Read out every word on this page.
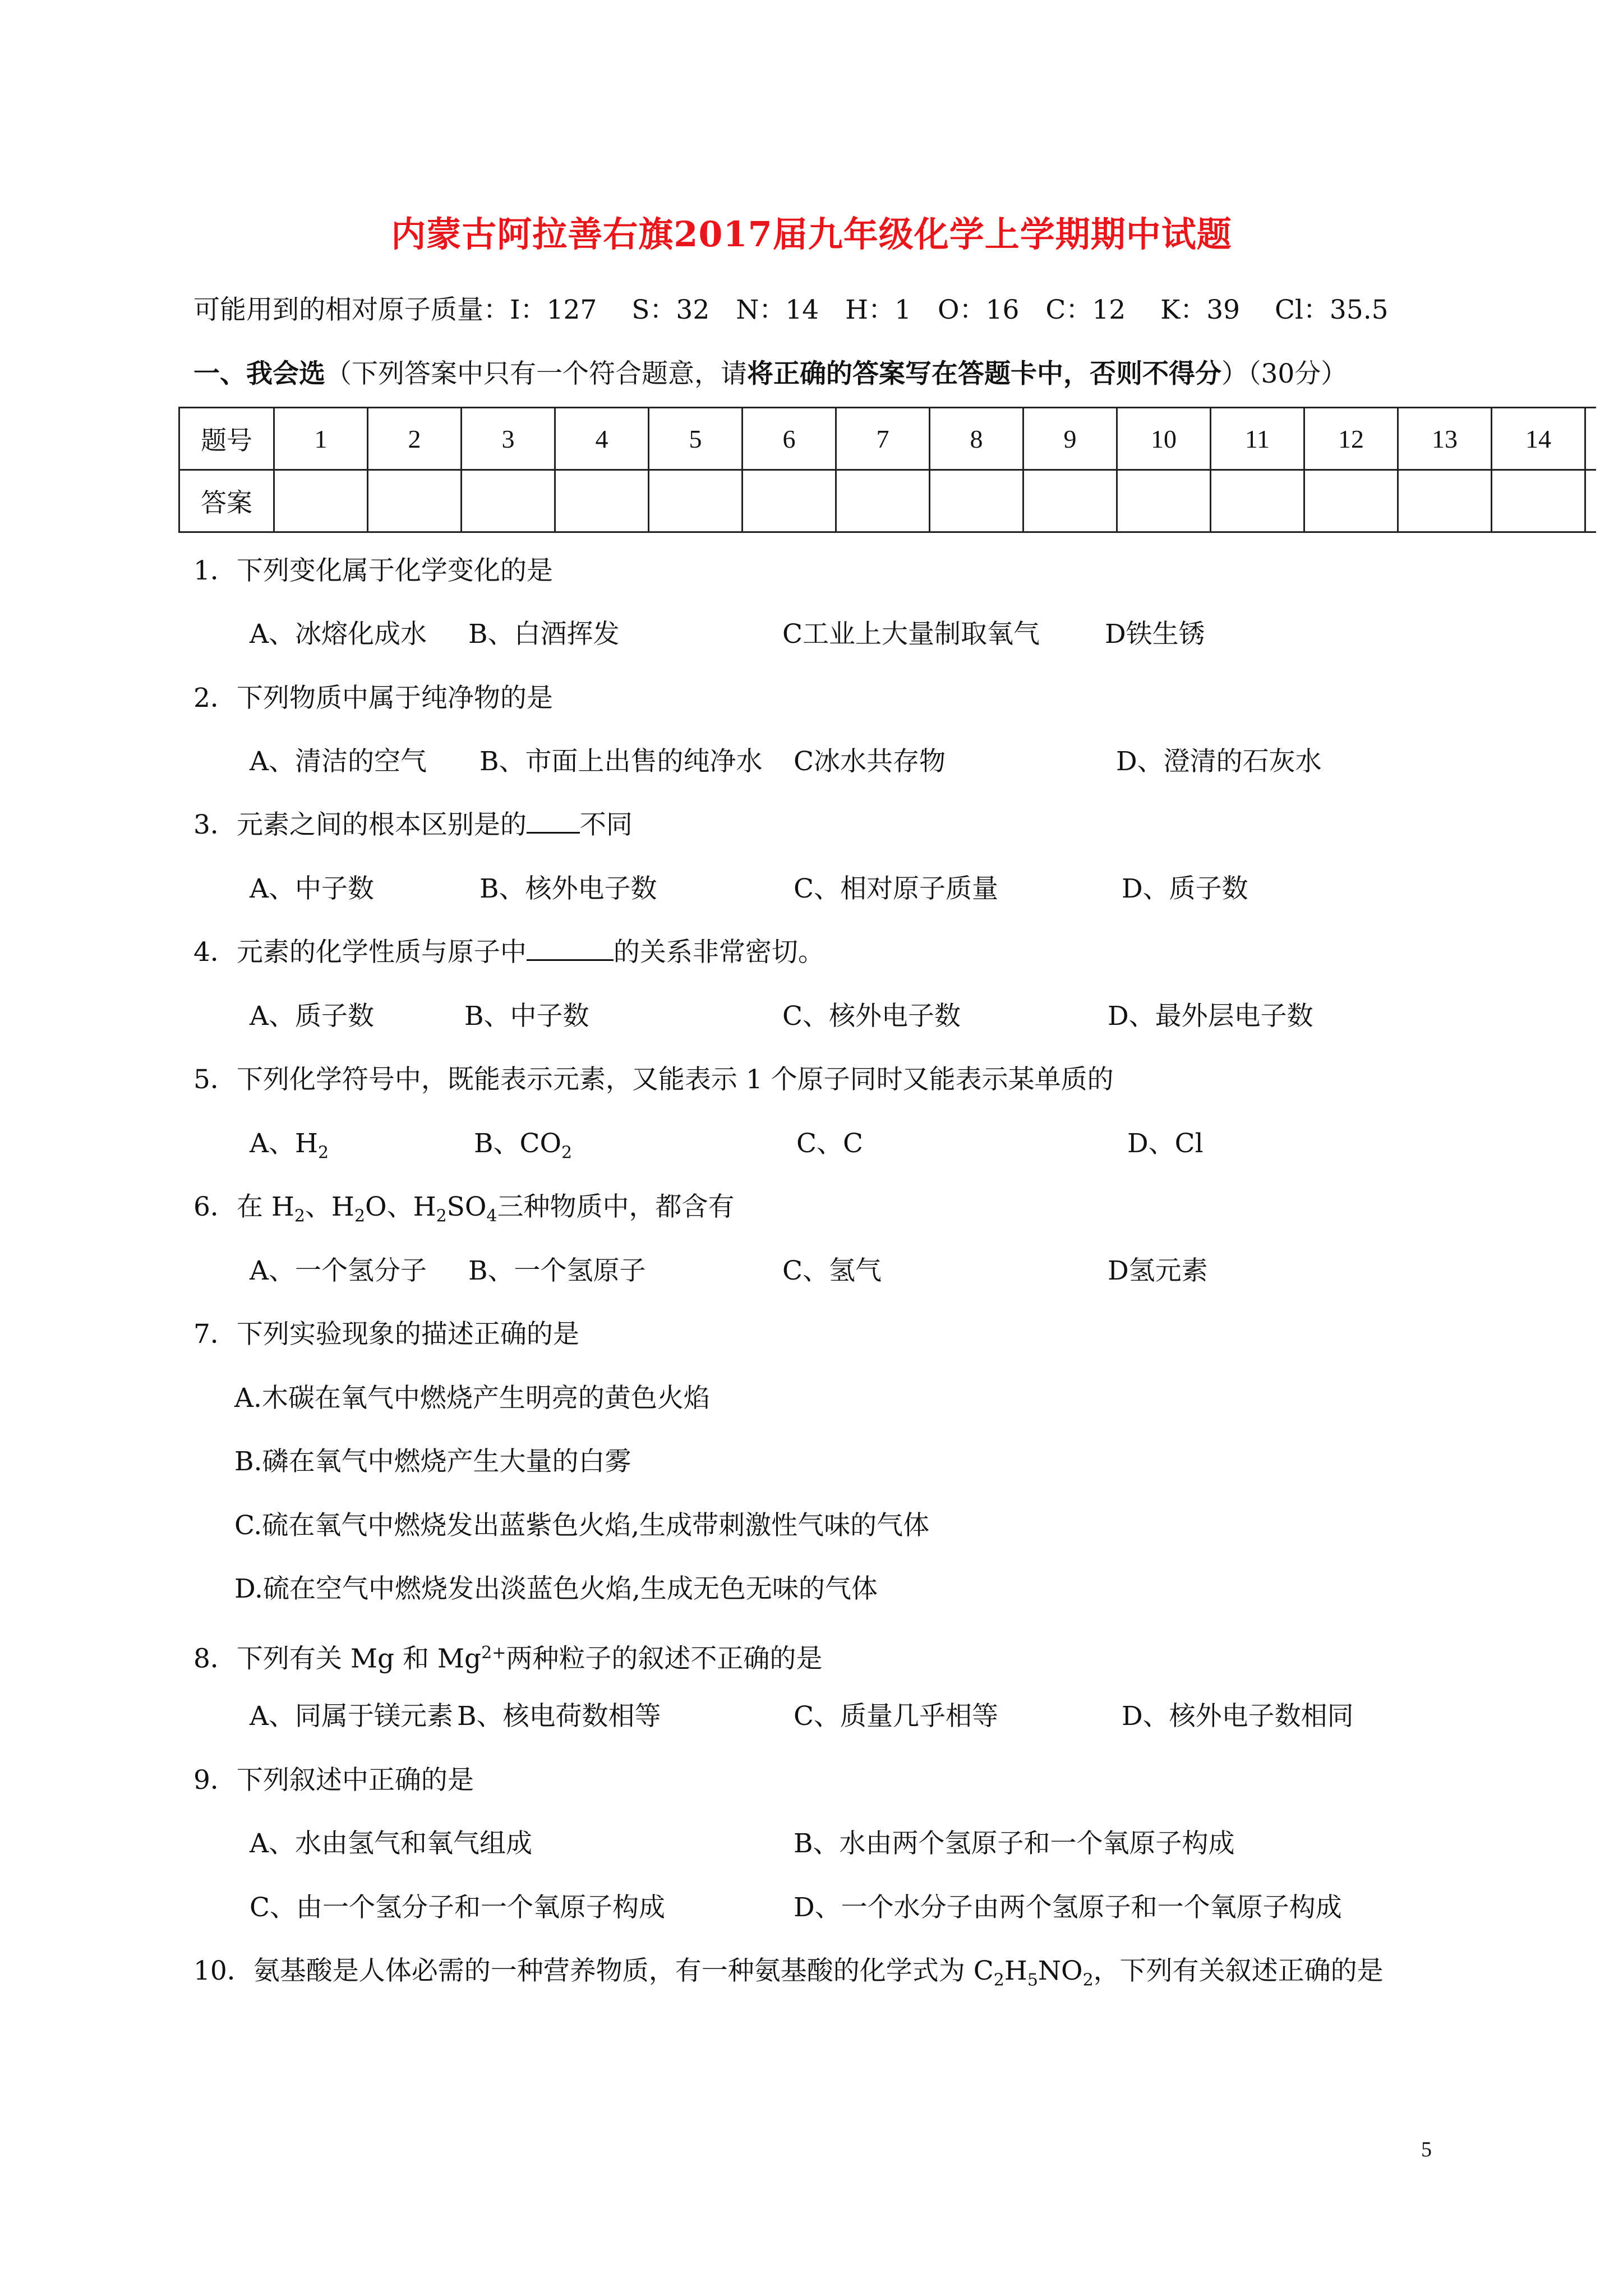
内蒙古阿拉善右旗2017届九年级化学上学期期中试题
可能用到的相对原子质量：I：127　 S：32　N：14　H：1　O：16　C：12　 K：39　 Cl：35.5
一、我会选（下列答案中只有一个符合题意，请将正确的答案写在答题卡中，否则不得分）（30分）
题号	1	2	3	4	5	6	7	8	9	10	11	12	13	14	
答案															
1．下列变化属于化学变化的是
A、冰熔化成水 B、白酒挥发	C工业上大量制取氧气 D铁生锈
2．下列物质中属于纯净物的是
A、清洁的空气 B、市面上出售的纯净水 C冰水共存物	D、澄清的石灰水
3．元素之间的根本区别是的 不同
A、中子数	B、核外电子数	C、相对原子质量	D、质子数
4．元素的化学性质与原子中	的关系非常密切。
A、质子数	B、中子数	C、核外电子数	D、最外层电子数
5．下列化学符号中，既能表示元素，又能表示 1 个原子同时又能表示某单质的
A、$H_2$	B、$CO_2$	C、C	D、Cl
6．在 $H_2$、$H_2O$、$H_2SO_4$三种物质中，都含有
A、一个氢分子 B、一个氢原子	C、氢气	D氢元素
7．下列实验现象的描述正确的是
A.木碳在氧气中燃烧产生明亮的黄色火焰
B.磷在氧气中燃烧产生大量的白雾
C.硫在氧气中燃烧发出蓝紫色火焰,生成带刺激性气味的气体
D.硫在空气中燃烧发出淡蓝色火焰,生成无色无味的气体
8．下列有关 Mg 和 $Mg^{2+}$两种粒子的叙述不正确的是
A、同属于镁元素 B、核电荷数相等	C、质量几乎相等	D、核外电子数相同
9．下列叙述中正确的是
A、水由氢气和氧气组成	B、水由两个氢原子和一个氧原子构成
C、由一个氢分子和一个氧原子构成	D、一个水分子由两个氢原子和一个氧原子构成
10．氨基酸是人体必需的一种营养物质，有一种氨基酸的化学式为 $C_2H_5NO_2$，下列有关叙述正确的是
5
